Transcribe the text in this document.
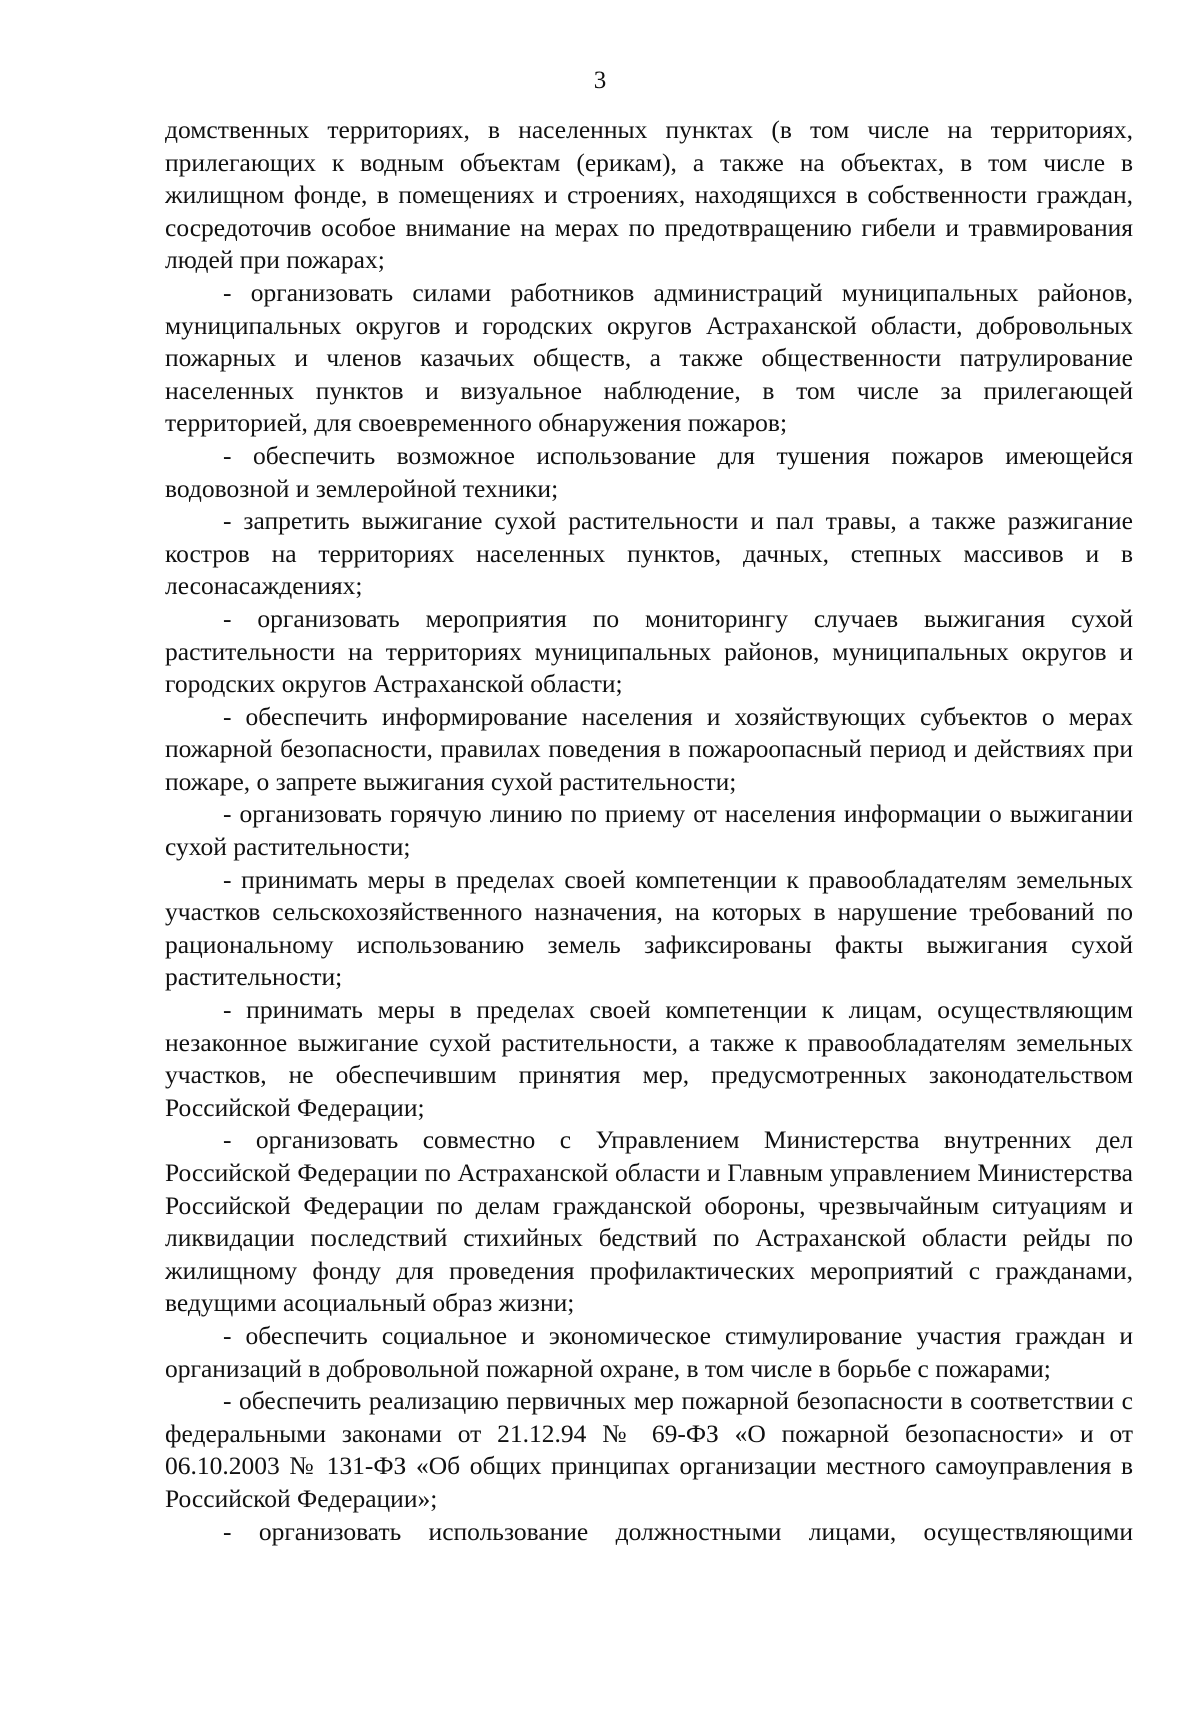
3

домственных территориях, в населенных пунктах (в том числе на территориях, прилегающих к водным объектам (ерикам), а также на объектах, в том числе в жилищном фонде, в помещениях и строениях, находящихся в собственности граждан, сосредоточив особое внимание на мерах по предотвращению гибели и травмирования людей при пожарах;

- организовать силами работников администраций муниципальных районов, муниципальных округов и городских округов Астраханской области, добровольных пожарных и членов казачьих обществ, а также общественности патрулирование населенных пунктов и визуальное наблюдение, в том числе за прилегающей территорией, для своевременного обнаружения пожаров;

- обеспечить возможное использование для тушения пожаров имеющейся водовозной и землеройной техники;

- запретить выжигание сухой растительности и пал травы, а также разжигание костров на территориях населенных пунктов, дачных, степных массивов и в лесонасаждениях;

- организовать мероприятия по мониторингу случаев выжигания сухой растительности на территориях муниципальных районов, муниципальных округов и городских округов Астраханской области;

- обеспечить информирование населения и хозяйствующих субъектов о мерах пожарной безопасности, правилах поведения в пожароопасный период и действиях при пожаре, о запрете выжигания сухой растительности;

- организовать горячую линию по приему от населения информации о выжигании сухой растительности;

- принимать меры в пределах своей компетенции к правообладателям земельных участков сельскохозяйственного назначения, на которых в нарушение требований по рациональному использованию земель зафиксированы факты выжигания сухой растительности;

- принимать меры в пределах своей компетенции к лицам, осуществляющим незаконное выжигание сухой растительности, а также к правообладателям земельных участков, не обеспечившим принятия мер, предусмотренных законодательством Российской Федерации;

- организовать совместно с Управлением Министерства внутренних дел Российской Федерации по Астраханской области и Главным управлением Министерства Российской Федерации по делам гражданской обороны, чрезвычайным ситуациям и ликвидации последствий стихийных бедствий по Астраханской области рейды по жилищному фонду для проведения профилактических мероприятий с гражданами, ведущими асоциальный образ жизни;

- обеспечить социальное и экономическое стимулирование участия граждан и организаций в добровольной пожарной охране, в том числе в борьбе с пожарами;

- обеспечить реализацию первичных мер пожарной безопасности в соответствии с федеральными законами от 21.12.94 № 69-ФЗ «О пожарной безопасности» и от 06.10.2003 № 131-ФЗ «Об общих принципах организации местного самоуправления в Российской Федерации»;

- организовать использование должностными лицами, осуществляющими
